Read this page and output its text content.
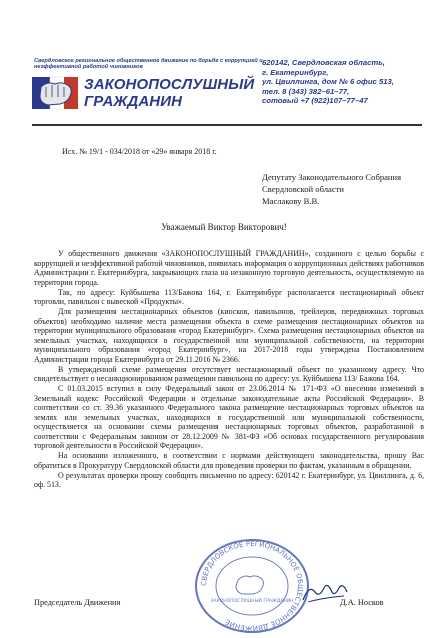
Свердловское региональное общественное движение по борьбе с коррупцией и неэффективной работой чиновников
ЗАКОНОПОСЛУШНЫЙ
ГРАЖДАНИН
620142, Свердловская область,
г. Екатеринбург,
ул. Цвиллинга, дом № 6 офис 513,
тел. 8 (343) 382–61–77,
сотовый +7 (922)107–77–47
Исх. № 19/1 - 034/2018 от «29» января 2018 г.
Депутату Законодательного Собрания
Свердловской области
Маслакову В.В.
Уважаемый Виктор Викторович!

У общественного движения «ЗАКОНОПОСЛУШНЫЙ ГРАЖДАНИН», созданного с целью борьбы с коррупцией и неэффективной работой чиновников, появилась информация о коррупционных действиях работников Администрации г. Екатеринбурга, закрывающих глаза на незаконную торговую деятельность, осуществляемую на территории города.

Так, по адресу: Куйбышева 113/Бажова 164, г. Екатеринбург располагается нестационарный объект торговли, павильон с вывеской «Продукты».

Для размещения нестационарных объектов (киосков, павильонов, трейлеров, передвижных торговых объектов) необходимо наличие места размещения объекта в схеме размещения нестационарных объектов на территории муниципального образования «город Екатеринбург». Схема размещения нестационарных объектов на земельных участках, находящихся в государственной или муниципальной собственности, на территории муниципального образования «город Екатеринбург», на 2017-2018 годы утверждена Постановлением Администрации города Екатеринбурга от 29.11.2016 № 2366.

В утвержденной схеме размещения отсутствует нестационарный объект по указанному адресу. Что свидетельствует о несанкционированном размещении павильона по адресу: ул. Куйбышева 113/ Бажова 164.

С 01.03.2015 вступил в силу Федеральный закон от 23.06.2014 № 171-ФЗ «О внесении изменений в Земельный кодекс Российской Федерации и отдельные законодательные акты Российской Федерации». В соответствии со ст. 39.36 указанного Федерального закона размещение нестационарных торговых объектов на землях или земельных участках, находящихся в государственной или муниципальной собственности, осуществляется на основании схемы размещения нестационарных торговых объектов, разработанной в соответствии с Федеральным законом от 28.12.2009 № 381-ФЗ «Об основах государственного регулирования торговой деятельности в Российской Федерации».

На основании изложенного, в соответствии с нормами действующего законодательства, прошу Вас обратиться в Прокуратуру Свердловской области для проведения проверки по фактам, указанным в обращении.

О результатах проверки прошу сообщить письменно по адресу: 620142 г. Екатеринбург, ул. Цвиллинга, д. 6, оф. 513.

СВЕРДЛОВСКОЕ РЕГИОНАЛЬНОЕ ОБЩЕСТВЕННОЕ ДВИЖЕНИЕ
ЗАКОНОПОСЛУШНЫЙ ГРАЖДАНИН
Председатель Движения	Д.А. Носков
